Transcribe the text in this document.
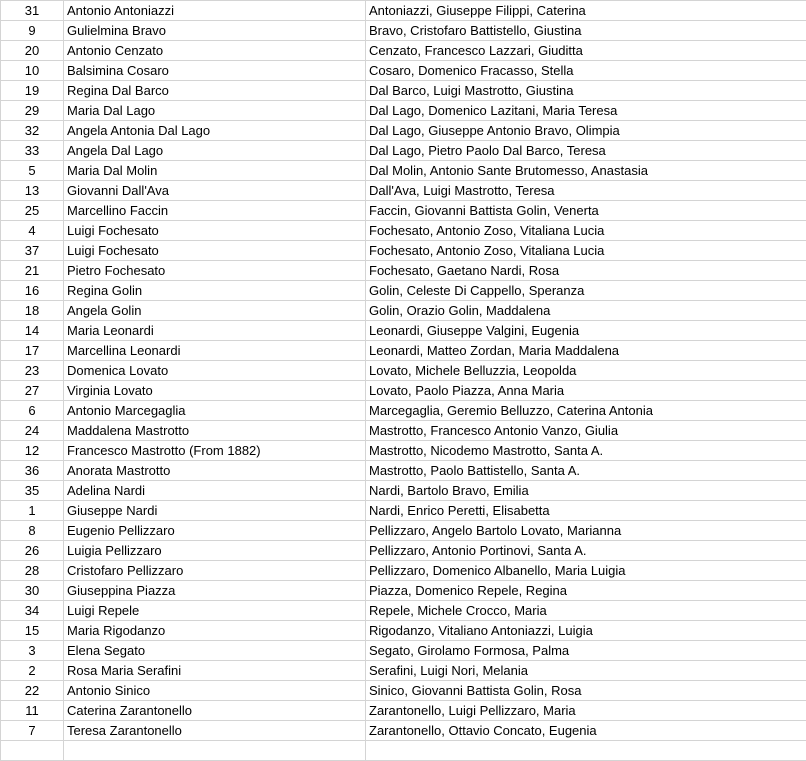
31	Antonio Antoniazzi	Antoniazzi, Giuseppe Filippi, Caterina
9	Gulielmina Bravo	Bravo, Cristofaro Battistello, Giustina
20	Antonio Cenzato	Cenzato, Francesco Lazzari, Giuditta
10	Balsimina Cosaro	Cosaro, Domenico Fracasso, Stella
19	Regina Dal Barco	Dal Barco, Luigi Mastrotto, Giustina
29	Maria Dal Lago	Dal Lago, Domenico Lazitani, Maria Teresa
32	Angela Antonia Dal Lago	Dal Lago, Giuseppe Antonio Bravo, Olimpia
33	Angela Dal Lago	Dal Lago, Pietro Paolo Dal Barco, Teresa
5	Maria Dal Molin	Dal Molin, Antonio Sante Brutomesso, Anastasia
13	Giovanni Dall'Ava	Dall'Ava, Luigi Mastrotto, Teresa
25	Marcellino Faccin	Faccin, Giovanni Battista Golin, Venerta
4	Luigi Fochesato	Fochesato, Antonio Zoso, Vitaliana Lucia
37	Luigi Fochesato	Fochesato, Antonio Zoso, Vitaliana Lucia
21	Pietro Fochesato	Fochesato, Gaetano Nardi, Rosa
16	Regina Golin	Golin, Celeste Di Cappello, Speranza
18	Angela Golin	Golin, Orazio Golin, Maddalena
14	Maria Leonardi	Leonardi, Giuseppe Valgini, Eugenia
17	Marcellina Leonardi	Leonardi, Matteo Zordan, Maria Maddalena
23	Domenica Lovato	Lovato, Michele Belluzzia, Leopolda
27	Virginia Lovato	Lovato, Paolo Piazza, Anna Maria
6	Antonio Marcegaglia	Marcegaglia, Geremio Belluzzo, Caterina Antonia
24	Maddalena Mastrotto	Mastrotto, Francesco Antonio Vanzo, Giulia
12	Francesco Mastrotto (From 1882)	Mastrotto, Nicodemo Mastrotto, Santa A.
36	Anorata Mastrotto	Mastrotto, Paolo Battistello, Santa A.
35	Adelina Nardi	Nardi, Bartolo Bravo, Emilia
1	Giuseppe Nardi	Nardi, Enrico Peretti, Elisabetta
8	Eugenio Pellizzaro	Pellizzaro, Angelo Bartolo Lovato, Marianna
26	Luigia Pellizzaro	Pellizzaro, Antonio Portinovi, Santa A.
28	Cristofaro Pellizzaro	Pellizzaro, Domenico Albanello, Maria Luigia
30	Giuseppina Piazza	Piazza, Domenico Repele, Regina
34	Luigi Repele	Repele, Michele Crocco, Maria
15	Maria Rigodanzo	Rigodanzo, Vitaliano Antoniazzi, Luigia
3	Elena Segato	Segato, Girolamo Formosa, Palma
2	Rosa Maria Serafini	Serafini, Luigi Nori, Melania
22	Antonio Sinico	Sinico, Giovanni Battista Golin, Rosa
11	Caterina Zarantonello	Zarantonello, Luigi Pellizzaro, Maria
7	Teresa Zarantonello	Zarantonello, Ottavio Concato, Eugenia
